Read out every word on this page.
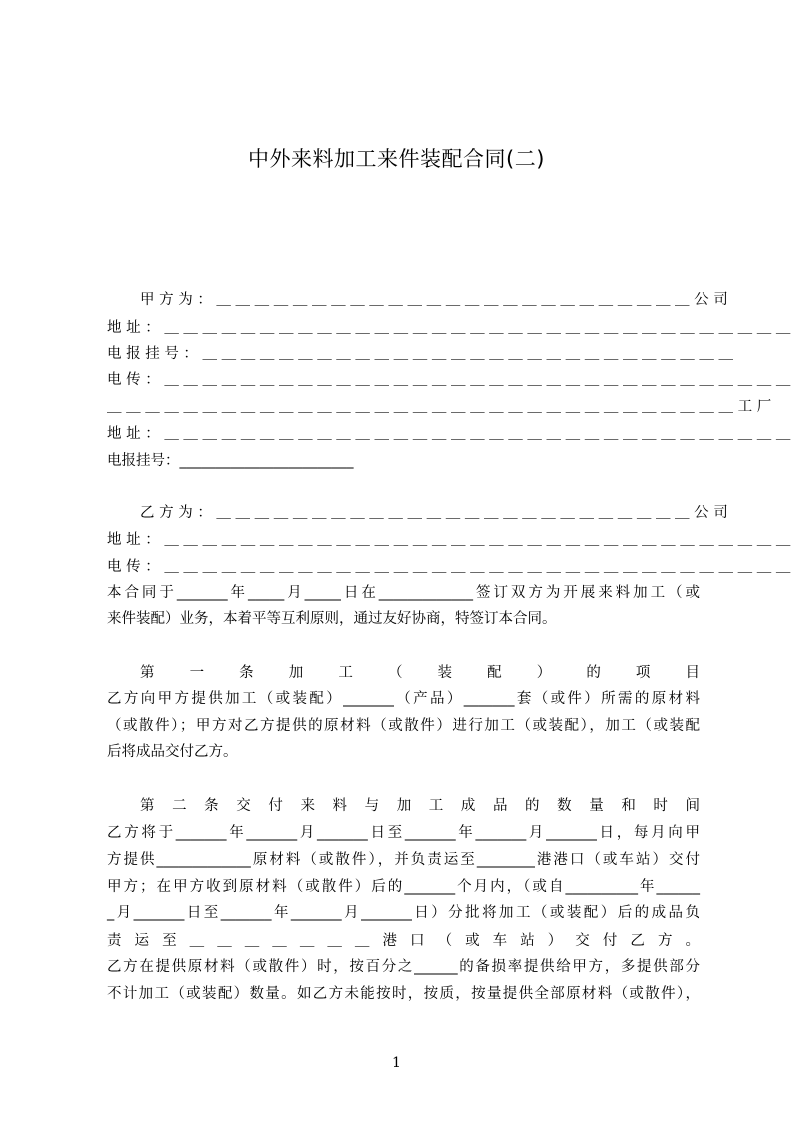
中外来料加工来件装配合同(二)
甲 方 为 ： ＿ ＿ ＿ ＿ ＿ ＿ ＿ ＿ ＿ ＿ ＿ ＿ ＿ ＿ ＿ ＿ ＿ ＿ ＿ ＿ ＿ ＿ ＿ ＿ ＿ 公 司
地 址 ： ＿ ＿ ＿ ＿ ＿ ＿ ＿ ＿ ＿ ＿ ＿ ＿ ＿ ＿ ＿ ＿ ＿ ＿ ＿ ＿ ＿ ＿ ＿ ＿ ＿ ＿ ＿ ＿ ＿ ＿ ＿ ＿ ＿
电 报 挂 号 ： ＿ ＿ ＿ ＿ ＿ ＿ ＿ ＿ ＿ ＿ ＿ ＿ ＿ ＿ ＿ ＿ ＿ ＿ ＿ ＿ ＿ ＿ ＿ ＿ ＿ ＿ ＿ ＿
电 传 ： ＿ ＿ ＿ ＿ ＿ ＿ ＿ ＿ ＿ ＿ ＿ ＿ ＿ ＿ ＿ ＿ ＿ ＿ ＿ ＿ ＿ ＿ ＿ ＿ ＿ ＿ ＿ ＿ ＿ ＿ ＿ ＿ ＿
＿ ＿ ＿ ＿ ＿ ＿ ＿ ＿ ＿ ＿ ＿ ＿ ＿ ＿ ＿ ＿ ＿ ＿ ＿ ＿ ＿ ＿ ＿ ＿ ＿ ＿ ＿ ＿ ＿ ＿ ＿ ＿ ＿ 工 厂
地 址 ： ＿ ＿ ＿ ＿ ＿ ＿ ＿ ＿ ＿ ＿ ＿ ＿ ＿ ＿ ＿ ＿ ＿ ＿ ＿ ＿ ＿ ＿ ＿ ＿ ＿ ＿ ＿ ＿ ＿ ＿ ＿ ＿ ＿
电报挂号：________________________
乙 方 为 ： ＿ ＿ ＿ ＿ ＿ ＿ ＿ ＿ ＿ ＿ ＿ ＿ ＿ ＿ ＿ ＿ ＿ ＿ ＿ ＿ ＿ ＿ ＿ ＿ ＿ 公 司
地 址 ： ＿ ＿ ＿ ＿ ＿ ＿ ＿ ＿ ＿ ＿ ＿ ＿ ＿ ＿ ＿ ＿ ＿ ＿ ＿ ＿ ＿ ＿ ＿ ＿ ＿ ＿ ＿ ＿ ＿ ＿ ＿ ＿ ＿
电 传 ： ＿ ＿ ＿ ＿ ＿ ＿ ＿ ＿ ＿ ＿ ＿ ＿ ＿ ＿ ＿ ＿ ＿ ＿ ＿ ＿ ＿ ＿ ＿ ＿ ＿ ＿ ＿ ＿ ＿ ＿ ＿ ＿ ＿
本合同于_______年_____月_____日在_____________签订双方为开展来料加工（或
来件装配）业务，本着平等互利原则，通过友好协商，特签订本合同。
第 一 条 加 工 （ 装 配 ） 的 项 目
乙方向甲方提供加工（或装配）_______（产品）_______套（或件）所需的原材料
（或散件）；甲方对乙方提供的原材料（或散件）进行加工（或装配），加工（或装配
后将成品交付乙方。
第 二 条 交 付 来 料 与 加 工 成 品 的 数 量 和 时 间
乙方将于_______年_______月_______日至_______年_______月_______日，每月向甲
方提供_____________原材料（或散件），并负责运至________港港口（或车站）交付
甲方；在甲方收到原材料（或散件）后的_______个月内，（或自__________年______
_月_______日至_______年_______月_______日）分批将加工（或装配）后的成品负
责 运 至 ＿ ＿ ＿ ＿ ＿ ＿ ＿ 港 口 （ 或 车 站 ） 交 付 乙 方 。
乙方在提供原材料（或散件）时，按百分之______的备损率提供给甲方，多提供部分
不计加工（或装配）数量。如乙方未能按时，按质，按量提供全部原材料（或散件），
1
